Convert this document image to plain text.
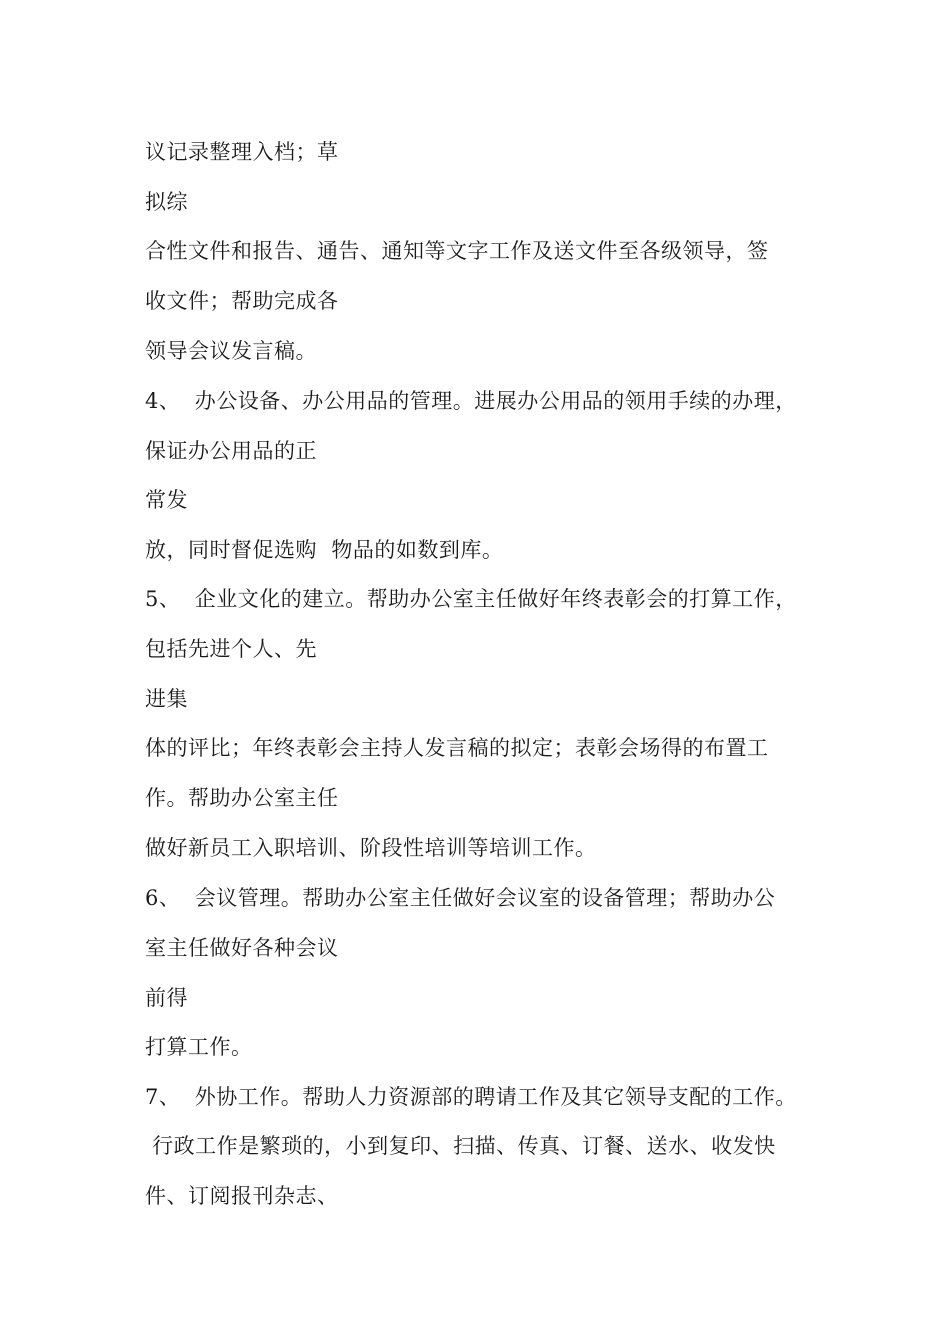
议记录整理入档；草
拟综
合性文件和报告、通告、通知等文字工作及送文件至各级领导，签
收文件；帮助完成各
领导会议发言稿。
4、  办公设备、办公用品的管理。进展办公用品的领用手续的办理，
保证办公用品的正
常发
放，同时督促选购  物品的如数到库。
5、  企业文化的建立。帮助办公室主任做好年终表彰会的打算工作，
包括先进个人、先
进集
体的评比；年终表彰会主持人发言稿的拟定；表彰会场得的布置工
作。帮助办公室主任
做好新员工入职培训、阶段性培训等培训工作。
6、  会议管理。帮助办公室主任做好会议室的设备管理；帮助办公
室主任做好各种会议
前得
打算工作。
7、  外协工作。帮助人力资源部的聘请工作及其它领导支配的工作。
行政工作是繁琐的，小到复印、扫描、传真、订餐、送水、收发快
件、订阅报刊杂志、
